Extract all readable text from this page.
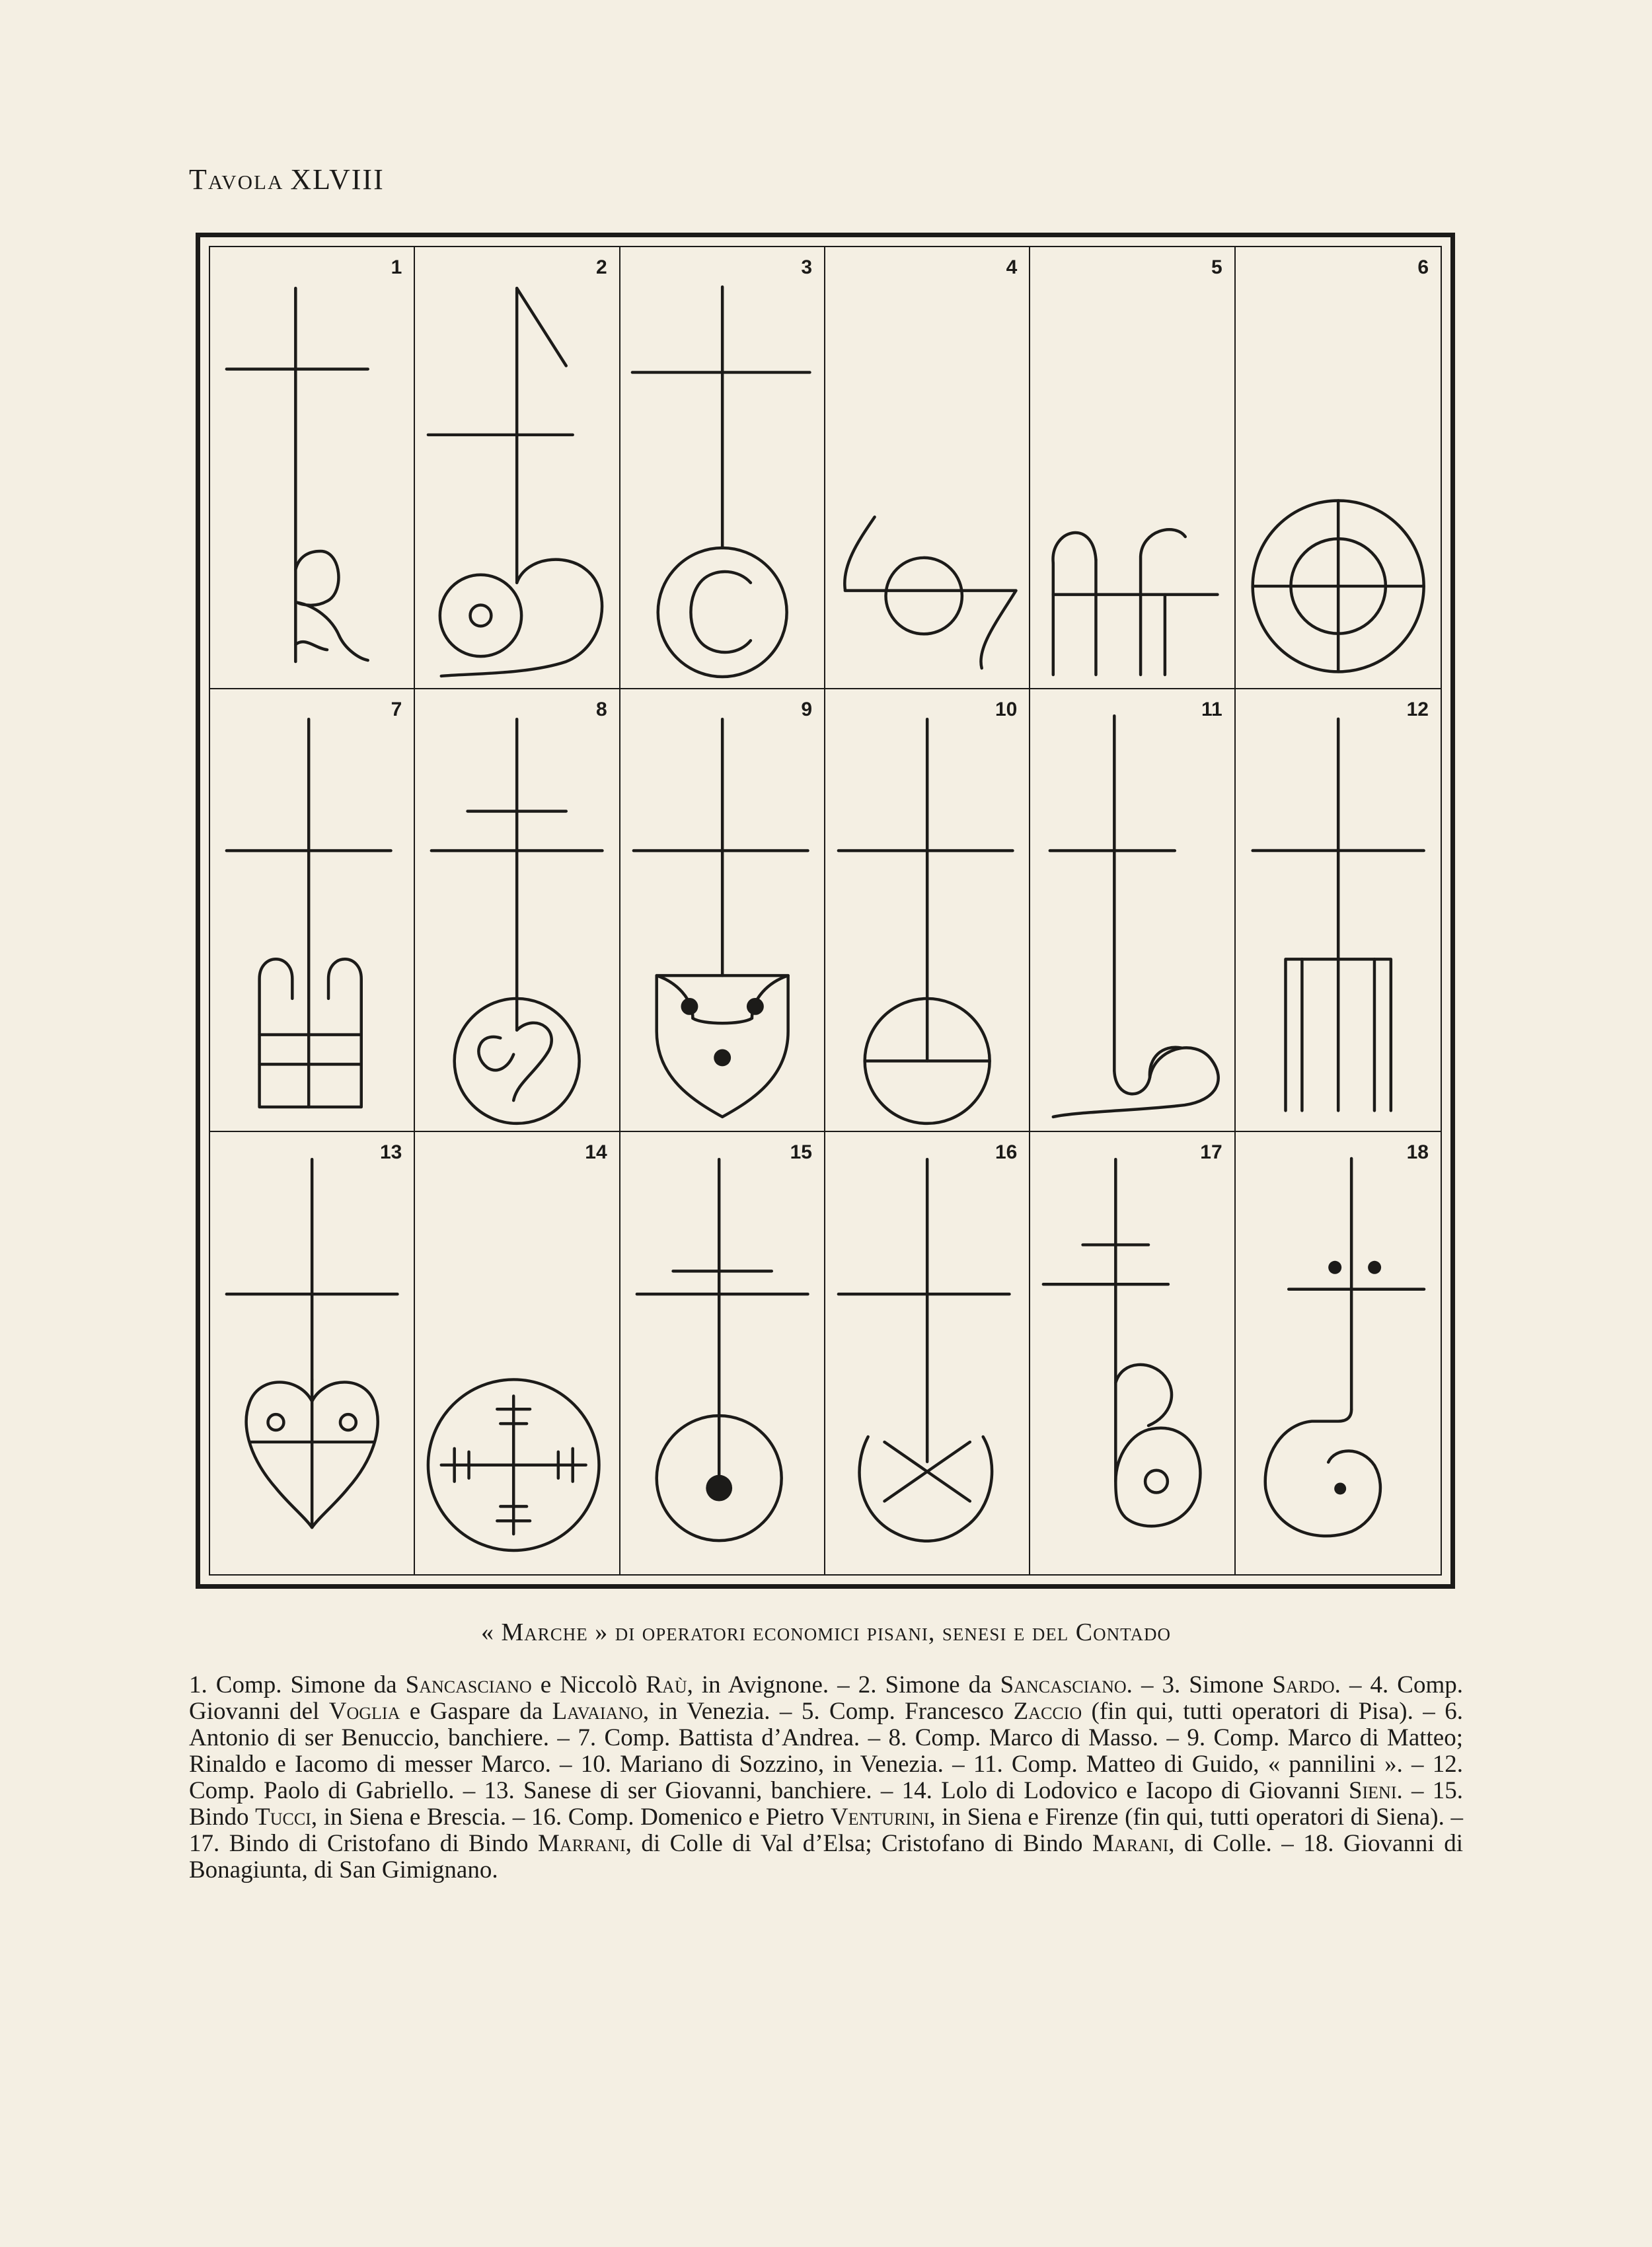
Tavola XLVIII
1	2	3	4	5	6
7	8	9	10	11	12
13	14	15	16	17	18
« Marche » di operatori economici pisani, senesi e del Contado

1. Comp. Simone da Sancasciano e Niccolò Raù, in Avignone. – 2. Simone da Sancasciano. – 3. Simone Sardo. – 4. Comp. Giovanni del Voglia e Gaspare da Lavaiano, in Venezia. – 5. Comp. Francesco Zaccio (fin qui, tutti operatori di Pisa). – 6. Antonio di ser Benuccio, banchiere. – 7. Comp. Battista d’Andrea. – 8. Comp. Marco di Masso. – 9. Comp. Marco di Matteo; Rinaldo e Iacomo di messer Marco. – 10. Mariano di Sozzino, in Venezia. – 11. Comp. Matteo di Guido, « pannilini ». – 12. Comp. Paolo di Gabriello. – 13. Sanese di ser Giovanni, banchiere. – 14. Lolo di Lodovico e Iacopo di Giovanni Sieni. – 15. Bindo Tucci, in Siena e Brescia. – 16. Comp. Domenico e Pietro Venturini, in Siena e Firenze (fin qui, tutti operatori di Siena). – 17. Bindo di Cristofano di Bindo Marrani, di Colle di Val d’Elsa; Cristofano di Bindo Marani, di Colle. – 18. Giovanni di Bonagiunta, di San Gimignano.
